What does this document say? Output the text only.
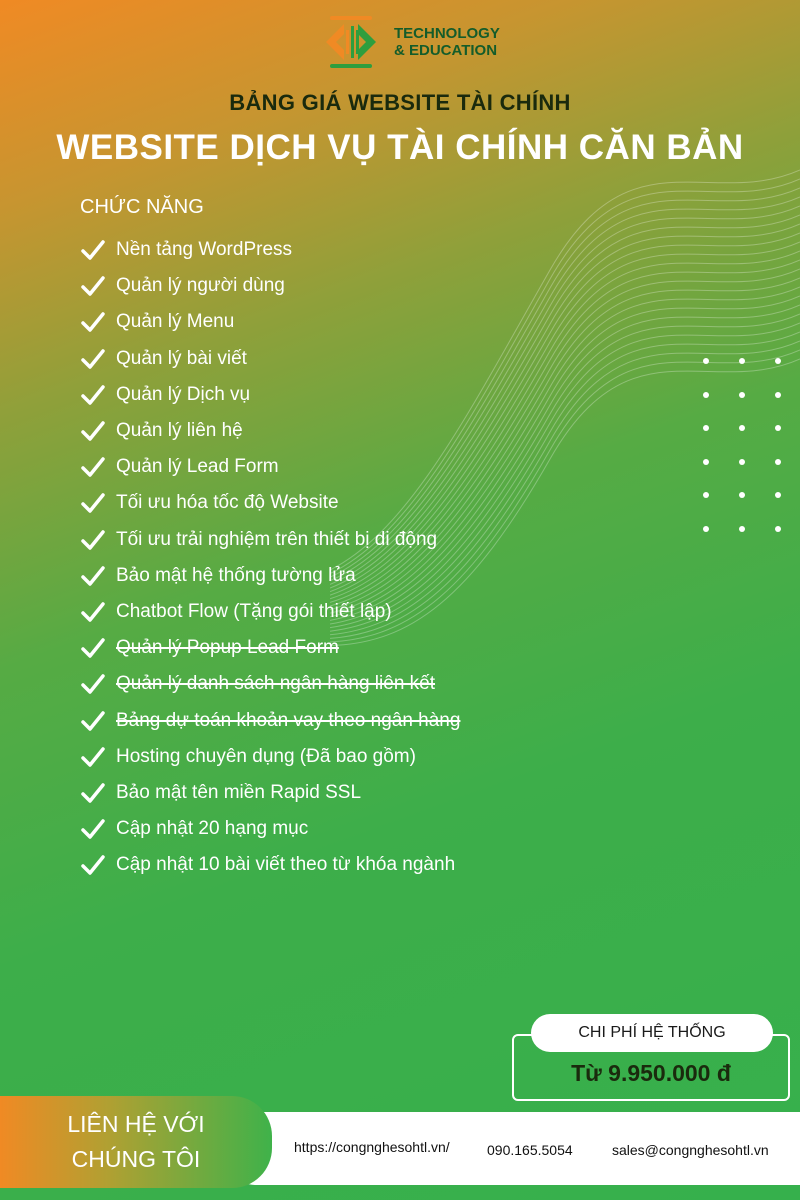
TECHNOLOGY
& EDUCATION
BẢNG GIÁ WEBSITE TÀI CHÍNH
WEBSITE DỊCH VỤ TÀI CHÍNH CĂN BẢN
CHỨC NĂNG
Nền tảng WordPress
Quản lý người dùng
Quản lý Menu
Quản lý bài viết
Quản lý Dịch vụ
Quản lý liên hệ
Quản lý Lead Form
Tối ưu hóa tốc độ Website
Tối ưu trải nghiệm trên thiết bị di động
Bảo mật hệ thống tường lửa
Chatbot Flow (Tặng gói thiết lập)
Quản lý Popup Lead Form
Quản lý danh sách ngân hàng liên kết
Bảng dự toán khoản vay theo ngân hàng
Hosting chuyên dụng (Đã bao gồm)
Bảo mật tên miền Rapid SSL
Cập nhật 20 hạng mục
Cập nhật 10 bài viết theo từ khóa ngành
CHI PHÍ HỆ THỐNG
Từ 9.950.000 đ
LIÊN HỆ VỚI
CHÚNG TÔI	https://congnghesohtl.vn/	090.165.5054	sales@congnghesohtl.vn
